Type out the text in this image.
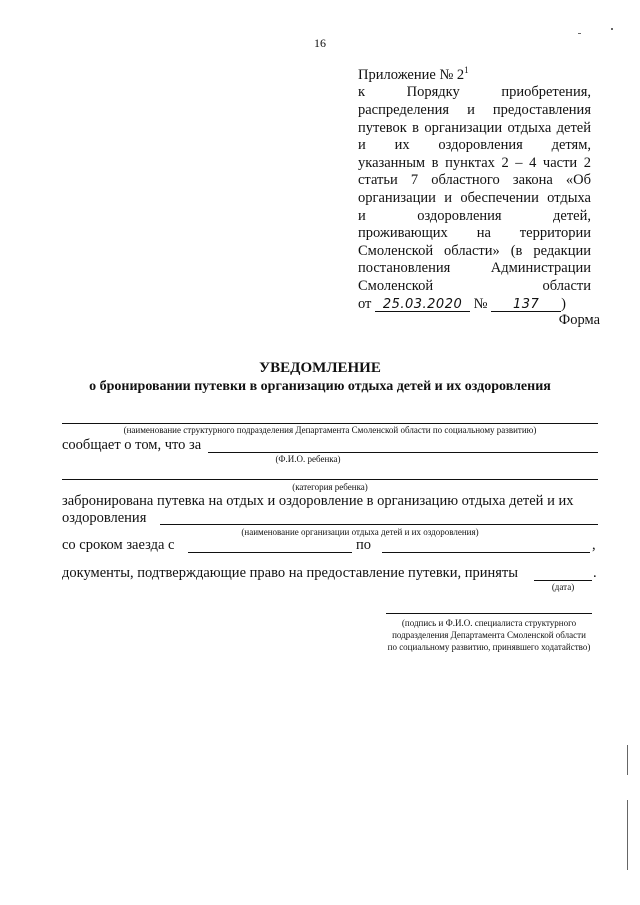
16
Приложение № $2^1$
к Порядку приобретения,
распределения и предоставления
путевок в организации отдыха детей
и их оздоровления детям,
указанным в пунктах 2 – 4 части 2
статьи 7 областного закона «Об
организации и обеспечении отдыха
и оздоровления детей,
проживающих на территории
Смоленской области» (в редакции
постановления Администрации
Смоленской области
от 25.03.2020 № 137 )
Форма
УВЕДОМЛЕНИЕ
о бронировании путевки в организацию отдыха детей и их оздоровления
(наименование структурного подразделения Департамента Смоленской области по социальному развитию)
сообщает о том, что за
(Ф.И.О. ребенка)
(категория ребенка)
забронирована путевка на отдых и оздоровление в организацию отдыха детей и их
оздоровления
(наименование организации отдыха детей и их оздоровления)
со сроком заезда с	по	,
документы, подтверждающие право на предоставление путевки, приняты	.
(дата)
(подпись и Ф.И.О. специалиста структурного
подразделения Департамента Смоленской области
по социальному развитию, принявшего ходатайство)
